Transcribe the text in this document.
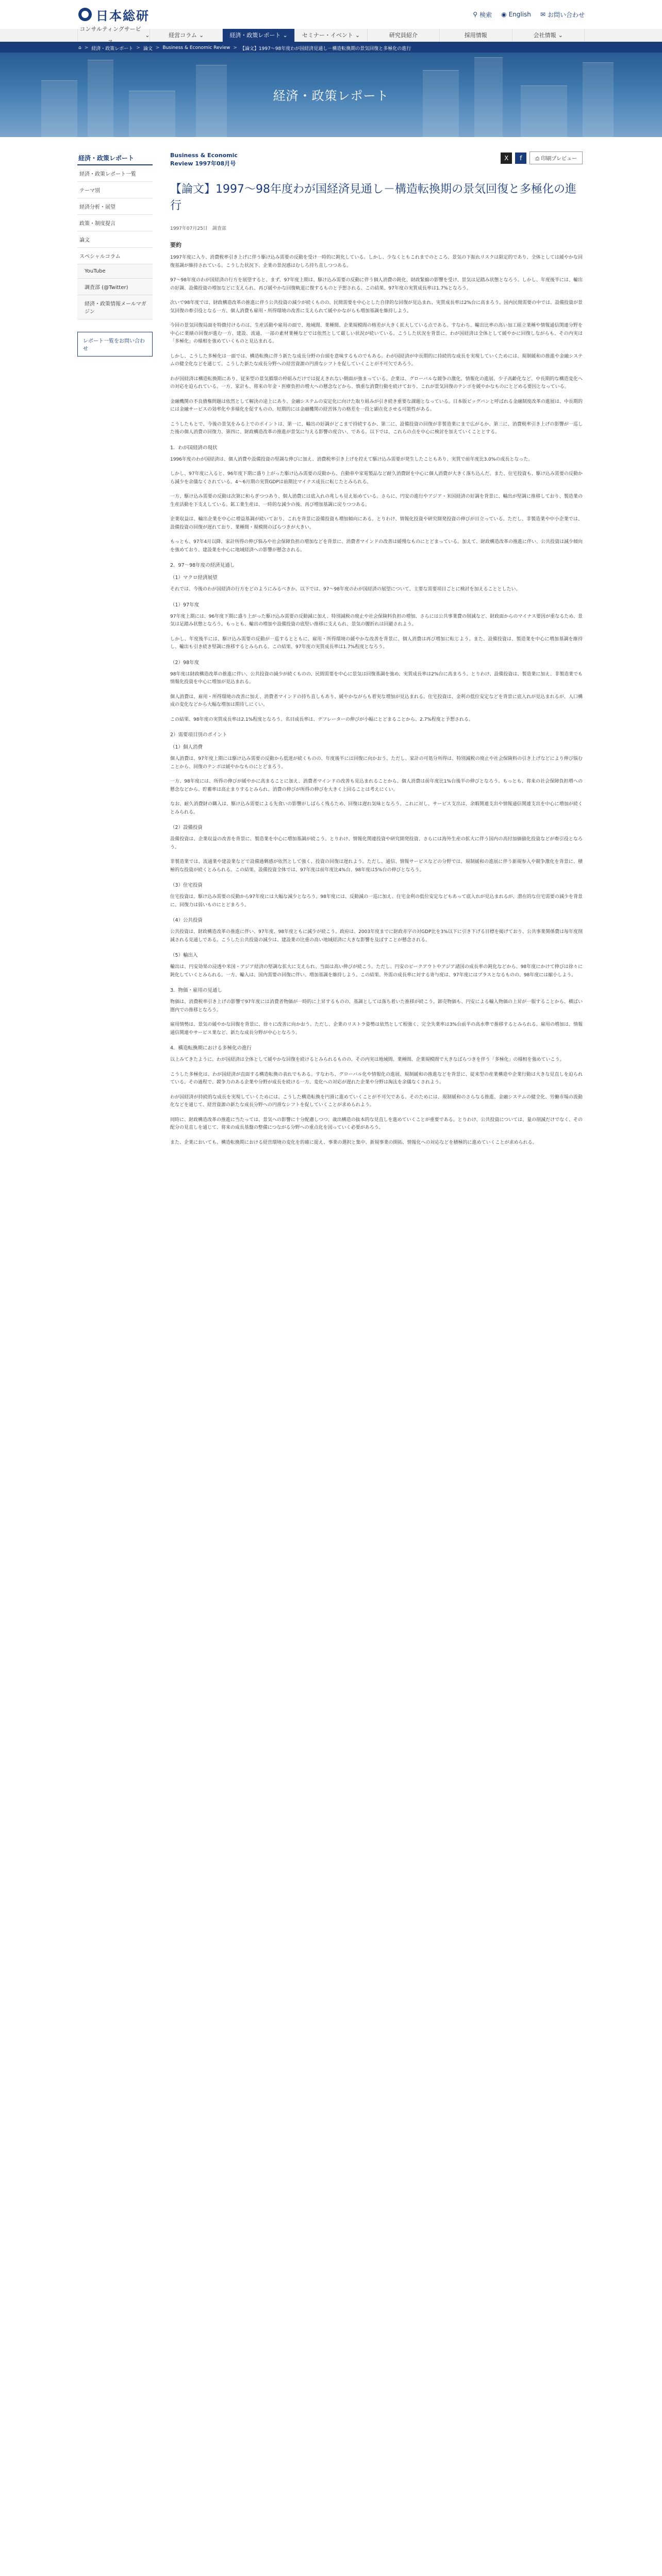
日本総研	⚲ 検索 ◉ English ✉ お問い合わせ
コンサルティングサービス
⌄	経営コラム ⌄	経済・政策レポート ⌄	セミナー・イベント ⌄	研究員紹介	採用情報	会社情報 ⌄
⌂ > 経済・政策レポート > 論文 > Business & Economic Review > 【論文】1997～98年度わが国経済見通し－構造転換期の景気回復と多極化の進行
経済・政策レポート
経済・政策レポート
経済・政策レポート一覧
テーマ別
経済分析・展望
政策・制度提言
論文
スペシャルコラム
YouTube
調査部 (@Twitter)
経済・政策情報メールマガジン
レポート一覧をお問い合わせ
Business & Economic Review 1997年08月号
X	f	⎙ 印刷プレビュー
【論文】1997～98年度わが国経済見通し－構造転換期の景気回復と多極化の進行
1997年07月25日　調査部
要約
1997年度に入り、消費税率引き上げに伴う駆け込み需要の反動を受け一時的に鈍化している。しかし、少なくともこれまでのところ、景気の下振れリスクは限定的であり、全体としては緩やかな回復基調が維持されている。こうした状況下、企業の景況感はむしろ持ち直しつつある。
97～98年度のわが国経済の行方を展望すると、まず、97年度上期は、駆け込み需要の反動に伴う個人消費の鈍化、財政緊縮の影響を受け、景気は足踏み状態となろう。しかし、年度後半には、輸出の好調、設備投資の増加などに支えられ、再び緩やかな回復軌道に復するものと予想される。この結果、97年度の実質成長率は1.7%となろう。
次いで98年度では、財政構造改革の推進に伴う公共投資の減少が続くものの、民間需要を中心とした自律的な回復が見込まれ、実質成長率は2%台に高まろう。国内民間需要の中では、設備投資が景気回復の牽引役となる一方、個人消費も雇用・所得環境の改善に支えられて緩やかながらも増加基調を維持しよう。
今回の景気回復局面を特徴付けるのは、生産活動や雇用の面で、地域間、業種間、企業規模間の格差が大きく拡大している点である。すなわち、輸出比率の高い加工組立業種や情報通信関連分野を中心に業績の回復が進む一方、建設、流通、一部の素材業種などでは依然として厳しい状況が続いている。こうした状況を背景に、わが国経済は全体として緩やかに回復しながらも、その内実は「多極化」の様相を強めていくものと見込まれる。
しかし、こうした多極化は一面では、構造転換に伴う新たな成長分野の台頭を意味するものでもある。わが国経済が中長期的に持続的な成長を実現していくためには、規制緩和の推進や金融システムの健全化などを通じて、こうした新たな成長分野への経営資源の円滑なシフトを促していくことが不可欠であろう。
わが国経済は構造転換期にあり、従来型の景気循環の枠組みだけでは捉えきれない側面が強まっている。企業は、グローバルな競争の激化、情報化の進展、少子高齢化など、中長期的な構造変化への対応を迫られている。一方、家計も、将来の年金・医療負担の増大への懸念などから、慎重な消費行動を続けており、これが景気回復のテンポを緩やかなものにとどめる要因となっている。
金融機関の不良債権問題は依然として解決の途上にあり、金融システムの安定化に向けた取り組みが引き続き重要な課題となっている。日本版ビッグバンと呼ばれる金融制度改革の進展は、中長期的には金融サービスの効率化や多様化を促すものの、短期的には金融機関の経営体力の格差を一段と顕在化させる可能性がある。
こうしたもとで、今後の景気をみる上でのポイントは、第一に、輸出の好調がどこまで持続するか、第二に、設備投資の回復が非製造業にまで広がるか、第三に、消費税率引き上げの影響が一巡した後の個人消費の回復力、第四に、財政構造改革の推進が景気に与える影響の度合い、である。以下では、これらの点を中心に検討を加えていくこととする。
1．わが国経済の現状
1996年度のわが国経済は、個人消費や設備投資の堅調な伸びに加え、消費税率引き上げを控えて駆け込み需要が発生したこともあり、実質で前年度比3.0%の成長となった。
しかし、97年度に入ると、96年度下期に盛り上がった駆け込み需要の反動から、自動車や家電製品など耐久消費財を中心に個人消費が大きく落ち込んだ。また、住宅投資も、駆け込み需要の反動から減少を余儀なくされている。4～6月期の実質GDPは前期比マイナス成長に転じたとみられる。
一方、駆け込み需要の反動は次第に和らぎつつあり、個人消費には底入れの兆しも見え始めている。さらに、円安の進行やアジア・米国経済の好調を背景に、輸出が堅調に推移しており、製造業の生産活動を下支えしている。鉱工業生産は、一時的な減少の後、再び増加基調に戻りつつある。
企業収益は、輸出企業を中心に増益基調が続いており、これを背景に設備投資も増加傾向にある。とりわけ、情報化投資や研究開発投資の伸びが目立っている。ただし、非製造業や中小企業では、設備投資の回復が遅れており、業種間・規模間のばらつきが大きい。
もっとも、97年4月以降、家計所得の伸び悩みや社会保障負担の増加などを背景に、消費者マインドの改善は緩慢なものにとどまっている。加えて、財政構造改革の推進に伴い、公共投資は減少傾向を強めており、建設業を中心に地域経済への影響が懸念される。
2．97～98年度の経済見通し
（1）マクロ経済展望
それでは、今後のわが国経済の行方をどのようにみるべきか。以下では、97～98年度のわが国経済の展望について、主要な需要項目ごとに検討を加えることとしたい。
（1）97年度
97年度上期には、96年度下期に盛り上がった駆け込み需要の反動減に加え、特別減税の廃止や社会保険料負担の増加、さらには公共事業費の削減など、財政面からのマイナス要因が重なるため、景気は足踏み状態となろう。もっとも、輸出の増加や設備投資の底堅い推移に支えられ、景気の腰折れは回避されよう。
しかし、年度後半には、駆け込み需要の反動が一巡するとともに、雇用・所得環境の緩やかな改善を背景に、個人消費は再び増加に転じよう。また、設備投資は、製造業を中心に増加基調を維持し、輸出も引き続き堅調に推移するとみられる。この結果、97年度の実質成長率は1.7%程度となろう。
（2）98年度
98年度は財政構造改革の推進に伴い、公共投資の減少が続くものの、民間需要を中心に景気は回復基調を強め、実質成長率は2%台に高まろう。とりわけ、設備投資は、製造業に加え、非製造業でも情報化投資を中心に増加が見込まれる。
個人消費は、雇用・所得環境の改善に加え、消費者マインドの持ち直しもあり、緩やかながらも着実な増加が見込まれる。住宅投資は、金利の低位安定などを背景に底入れが見込まれるが、人口構成の変化などから大幅な増加は期待しにくい。
この結果、98年度の実質成長率は2.1%程度となろう。名目成長率は、デフレーターの伸びが小幅にとどまることから、2.7%程度と予想される。
2）需要項目別のポイント
（1）個人消費
個人消費は、97年度上期には駆け込み需要の反動から低迷が続くものの、年度後半には回復に向かおう。ただし、家計の可処分所得は、特別減税の廃止や社会保険料の引き上げなどにより伸び悩むことから、回復のテンポは緩やかなものにとどまろう。
一方、98年度には、所得の伸びが緩やかに高まることに加え、消費者マインドの改善も見込まれることから、個人消費は前年度比1%台後半の伸びとなろう。もっとも、将来の社会保障負担増への懸念などから、貯蓄率は高止まりするとみられ、消費の伸びが所得の伸びを大きく上回ることは考えにくい。
なお、耐久消費財の購入は、駆け込み需要による先食いの影響がしばらく残るため、回復は遅れ気味となろう。これに対し、サービス支出は、余暇関連支出や情報通信関連支出を中心に増加が続くとみられる。
（2）設備投資
設備投資は、企業収益の改善を背景に、製造業を中心に増加基調が続こう。とりわけ、情報化関連投資や研究開発投資、さらには海外生産の拡大に伴う国内の高付加価値化投資などが牽引役となろう。
非製造業では、流通業や建設業などで設備過剰感が依然として強く、投資の回復は遅れよう。ただし、通信、情報サービスなどの分野では、規制緩和の進展に伴う新規参入や競争激化を背景に、積極的な投資が続くとみられる。この結果、設備投資全体では、97年度は前年度比4%台、98年度は5%台の伸びとなろう。
（3）住宅投資
住宅投資は、駆け込み需要の反動から97年度には大幅な減少となろう。98年度には、反動減の一巡に加え、住宅金利の低位安定などもあって底入れが見込まれるが、潜在的な住宅需要の減少を背景に、回復力は弱いものにとどまろう。
（4）公共投資
公共投資は、財政構造改革の推進に伴い、97年度、98年度ともに減少が続こう。政府は、2003年度までに財政赤字の対GDP比を3%以下に引き下げる目標を掲げており、公共事業関係費は毎年度削減される見通しである。こうした公共投資の減少は、建設業の比重の高い地域経済に大きな影響を及ぼすことが懸念される。
（5）輸出入
輸出は、円安効果の浸透や米国・アジア経済の堅調な拡大に支えられ、当面は高い伸びが続こう。ただし、円安のピークアウトやアジア諸国の成長率の鈍化などから、98年度にかけて伸びは徐々に鈍化していくとみられる。一方、輸入は、国内需要の回復に伴い、増加基調を維持しよう。この結果、外需の成長率に対する寄与度は、97年度にはプラスとなるものの、98年度には縮小しよう。
3．物価・雇用の見通し
物価は、消費税率引き上げの影響で97年度には消費者物価が一時的に上昇するものの、基調としては落ち着いた推移が続こう。卸売物価も、円安による輸入物価の上昇が一服することから、横ばい圏内での推移となろう。
雇用情勢は、景気の緩やかな回復を背景に、徐々に改善に向かおう。ただし、企業のリストラ姿勢は依然として根強く、完全失業率は3%台前半の高水準で推移するとみられる。雇用の増加は、情報通信関連やサービス業など、新たな成長分野が中心となろう。
4．構造転換期における多極化の進行
以上みてきたように、わが国経済は全体として緩やかな回復を続けるとみられるものの、その内実は地域間、業種間、企業規模間で大きなばらつきを伴う「多極化」の様相を強めていこう。
こうした多極化は、わが国経済が直面する構造転換の表れでもある。すなわち、グローバル化や情報化の進展、規制緩和の推進などを背景に、従来型の産業構造や企業行動は大きな見直しを迫られている。その過程で、競争力のある企業や分野が成長を続ける一方、変化への対応が遅れた企業や分野は淘汰を余儀なくされよう。
わが国経済が持続的な成長を実現していくためには、こうした構造転換を円滑に進めていくことが不可欠である。そのためには、規制緩和のさらなる推進、金融システムの健全化、労働市場の流動化などを通じて、経営資源の新たな成長分野への円滑なシフトを促していくことが求められよう。
同時に、財政構造改革の推進に当たっては、景気への影響に十分配慮しつつ、歳出構造の抜本的な見直しを進めていくことが重要である。とりわけ、公共投資については、量の削減だけでなく、その配分の見直しを通じて、将来の成長基盤の整備につながる分野への重点化を図っていく必要があろう。
また、企業においても、構造転換期における経営環境の変化を的確に捉え、事業の選択と集中、新規事業の開拓、情報化への対応などを積極的に進めていくことが求められる。
